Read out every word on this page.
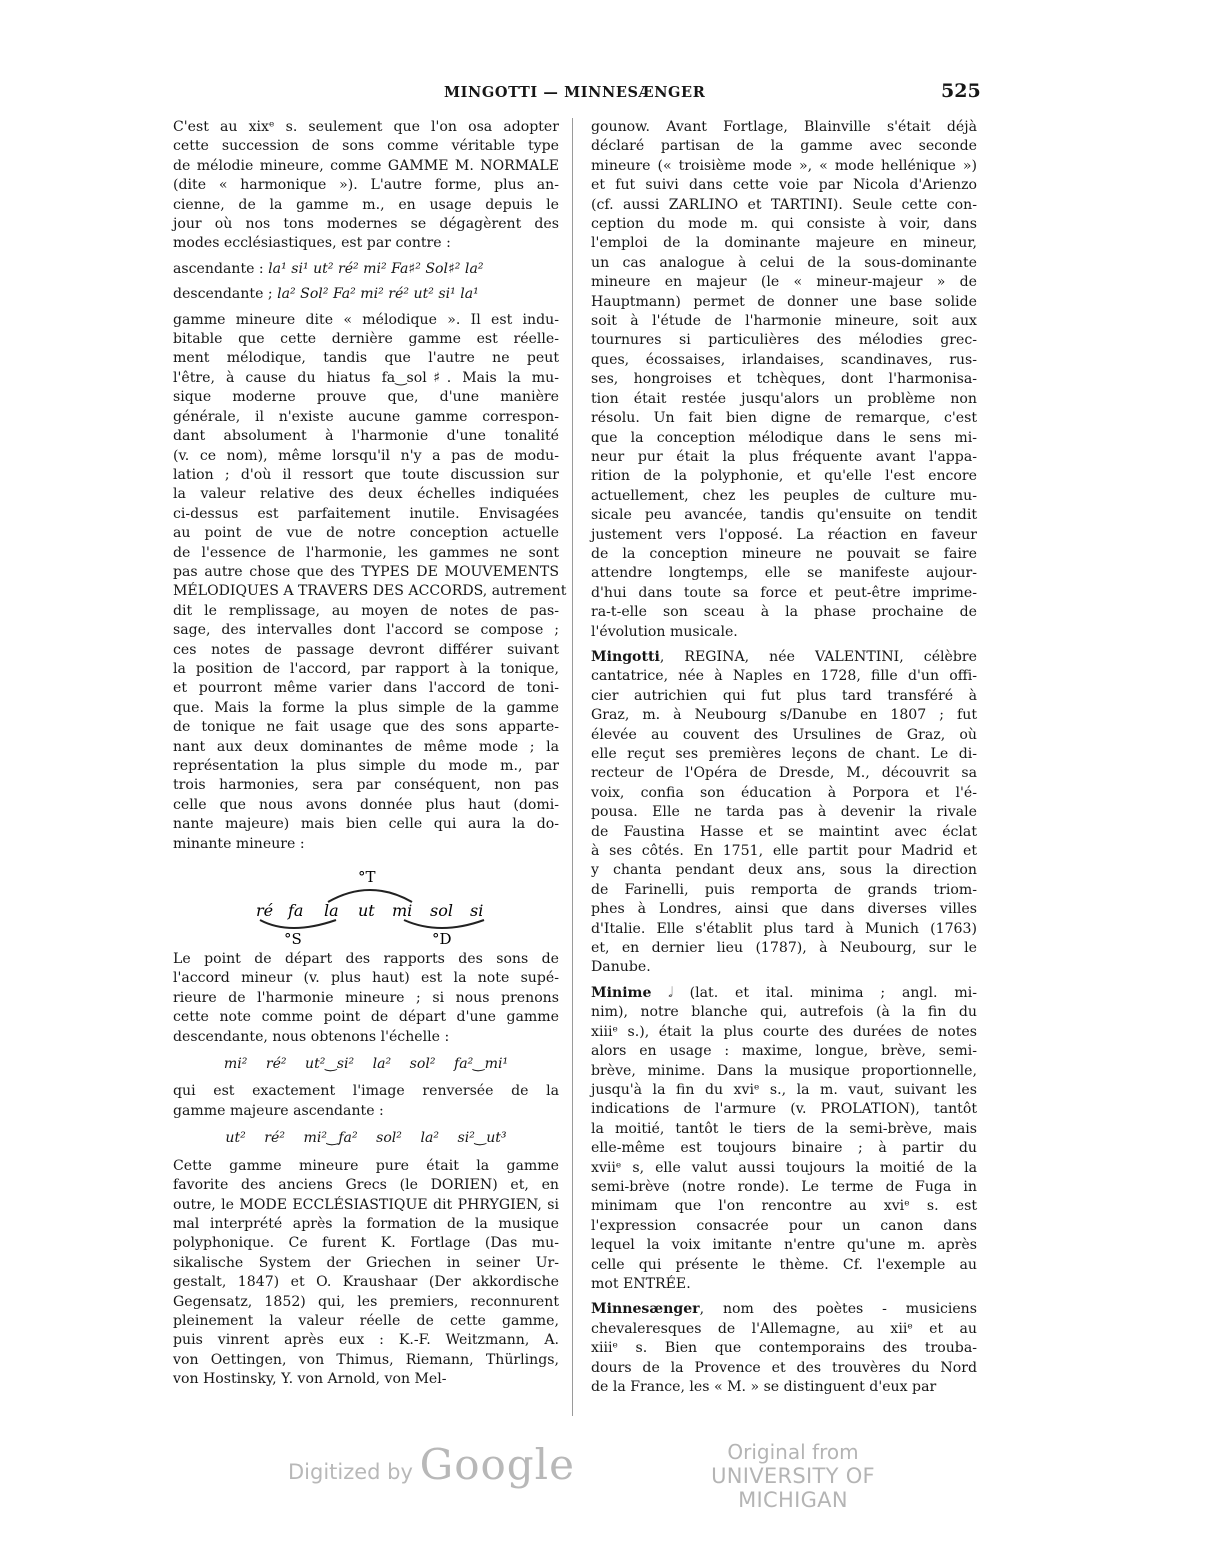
MINGOTTI — MINNESÆNGER	525

C'est au xixᵉ s. seulement que l'on osa adopter
cette succession de sons comme véritable type
de mélodie mineure, comme GAMME M. NORMALE
(dite « harmonique »). L'autre forme, plus an-
cienne, de la gamme m., en usage depuis le
jour où nos tons modernes se dégagèrent des
modes ecclésiastiques, est par contre :

ascendante : la¹ si¹ ut² ré² mi² Fa♯² Sol♯² la²
descendante ; la² Sol² Fa² mi² ré² ut² si¹ la¹

gamme mineure dite « mélodique ». Il est indu-
bitable que cette dernière gamme est réelle-
ment mélodique, tandis que l'autre ne peut
l'être, à cause du hiatus fa‿sol♯. Mais la mu-
sique moderne prouve que, d'une manière
générale, il n'existe aucune gamme correspon-
dant absolument à l'harmonie d'une tonalité
(v. ce nom), même lorsqu'il n'y a pas de modu-
lation ; d'où il ressort que toute discussion sur
la valeur relative des deux échelles indiquées
ci-dessus est parfaitement inutile. Envisagées
au point de vue de notre conception actuelle
de l'essence de l'harmonie, les gammes ne sont
pas autre chose que des TYPES DE MOUVEMENTS
MÉLODIQUES A TRAVERS DES ACCORDS, autrement
dit le remplissage, au moyen de notes de pas-
sage, des intervalles dont l'accord se compose ;
ces notes de passage devront différer suivant
la position de l'accord, par rapport à la tonique,
et pourront même varier dans l'accord de toni-
que. Mais la forme la plus simple de la gamme
de tonique ne fait usage que des sons apparte-
nant aux deux dominantes de même mode ; la
représentation la plus simple du mode m., par
trois harmonies, sera par conséquent, non pas
celle que nous avons donnée plus haut (domi-
nante majeure) mais bien celle qui aura la do-
minante mineure :

Le point de départ des rapports des sons de
l'accord mineur (v. plus haut) est la note supé-
rieure de l'harmonie mineure ; si nous prenons
cette note comme point de départ d'une gamme
descendante, nous obtenons l'échelle :

mi² ré² ut²‿si² la² sol² fa²‿mi¹

qui est exactement l'image renversée de la
gamme majeure ascendante :

ut² ré² mi²‿fa² sol² la² si²‿ut³

Cette gamme mineure pure était la gamme
favorite des anciens Grecs (le DORIEN) et, en
outre, le MODE ECCLÉSIASTIQUE dit PHRYGIEN, si
mal interprété après la formation de la musique
polyphonique. Ce furent K. Fortlage (Das mu-
sikalische System der Griechen in seiner Ur-
gestalt, 1847) et O. Kraushaar (Der akkordische
Gegensatz, 1852) qui, les premiers, reconnurent
pleinement la valeur réelle de cette gamme,
puis vinrent après eux : K.-F. Weitzmann, A.
von Oettingen, von Thimus, Riemann, Thürlings,
von Hostinsky, Y. von Arnold, von Mel-

°T
°S	°D
ré fa la ut mi sol si

gounow. Avant Fortlage, Blainville s'était déjà
déclaré partisan de la gamme avec seconde
mineure (« troisième mode », « mode hellénique »)
et fut suivi dans cette voie par Nicola d'Arienzo
(cf. aussi ZARLINO et TARTINI). Seule cette con-
ception du mode m. qui consiste à voir, dans
l'emploi de la dominante majeure en mineur,
un cas analogue à celui de la sous-dominante
mineure en majeur (le « mineur-majeur » de
Hauptmann) permet de donner une base solide
soit à l'étude de l'harmonie mineure, soit aux
tournures si particulières des mélodies grec-
ques, écossaises, irlandaises, scandinaves, rus-
ses, hongroises et tchèques, dont l'harmonisa-
tion était restée jusqu'alors un problème non
résolu. Un fait bien digne de remarque, c'est
que la conception mélodique dans le sens mi-
neur pur était la plus fréquente avant l'appa-
rition de la polyphonie, et qu'elle l'est encore
actuellement, chez les peuples de culture mu-
sicale peu avancée, tandis qu'ensuite on tendit
justement vers l'opposé. La réaction en faveur
de la conception mineure ne pouvait se faire
attendre longtemps, elle se manifeste aujour-
d'hui dans toute sa force et peut-être imprime-
ra-t-elle son sceau à la phase prochaine de
l'évolution musicale.

Mingotti, REGINA, née VALENTINI, célèbre
cantatrice, née à Naples en 1728, fille d'un offi-
cier autrichien qui fut plus tard transféré à
Graz, m. à Neubourg s/Danube en 1807 ; fut
élevée au couvent des Ursulines de Graz, où
elle reçut ses premières leçons de chant. Le di-
recteur de l'Opéra de Dresde, M., découvrit sa
voix, confia son éducation à Porpora et l'é-
pousa. Elle ne tarda pas à devenir la rivale
de Faustina Hasse et se maintint avec éclat
à ses côtés. En 1751, elle partit pour Madrid et
y chanta pendant deux ans, sous la direction
de Farinelli, puis remporta de grands triom-
phes à Londres, ainsi que dans diverses villes
d'Italie. Elle s'établit plus tard à Munich (1763)
et, en dernier lieu (1787), à Neubourg, sur le
Danube.

Minime 𝅗𝅥 (lat. et ital. minima ; angl. mi-
nim), notre blanche qui, autrefois (à la fin du
xiiiᵉ s.), était la plus courte des durées de notes
alors en usage : maxime, longue, brève, semi-
brève, minime. Dans la musique proportionnelle,
jusqu'à la fin du xviᵉ s., la m. vaut, suivant les
indications de l'armure (v. PROLATION), tantôt
la moitié, tantôt le tiers de la semi-brève, mais
elle-même est toujours binaire ; à partir du
xviiᵉ s, elle valut aussi toujours la moitié de la
semi-brève (notre ronde). Le terme de Fuga in
minimam que l'on rencontre au xviᵉ s. est
l'expression consacrée pour un canon dans
lequel la voix imitante n'entre qu'une m. après
celle qui présente le thème. Cf. l'exemple au
mot ENTRÉE.

Minnesænger, nom des poètes - musiciens
chevaleresques de l'Allemagne, au xiiᵉ et au
xiiiᵉ s. Bien que contemporains des trouba-
dours de la Provence et des trouvères du Nord
de la France, les « M. » se distinguent d'eux par

Digitized by Google	Original from
UNIVERSITY OF MICHIGAN
